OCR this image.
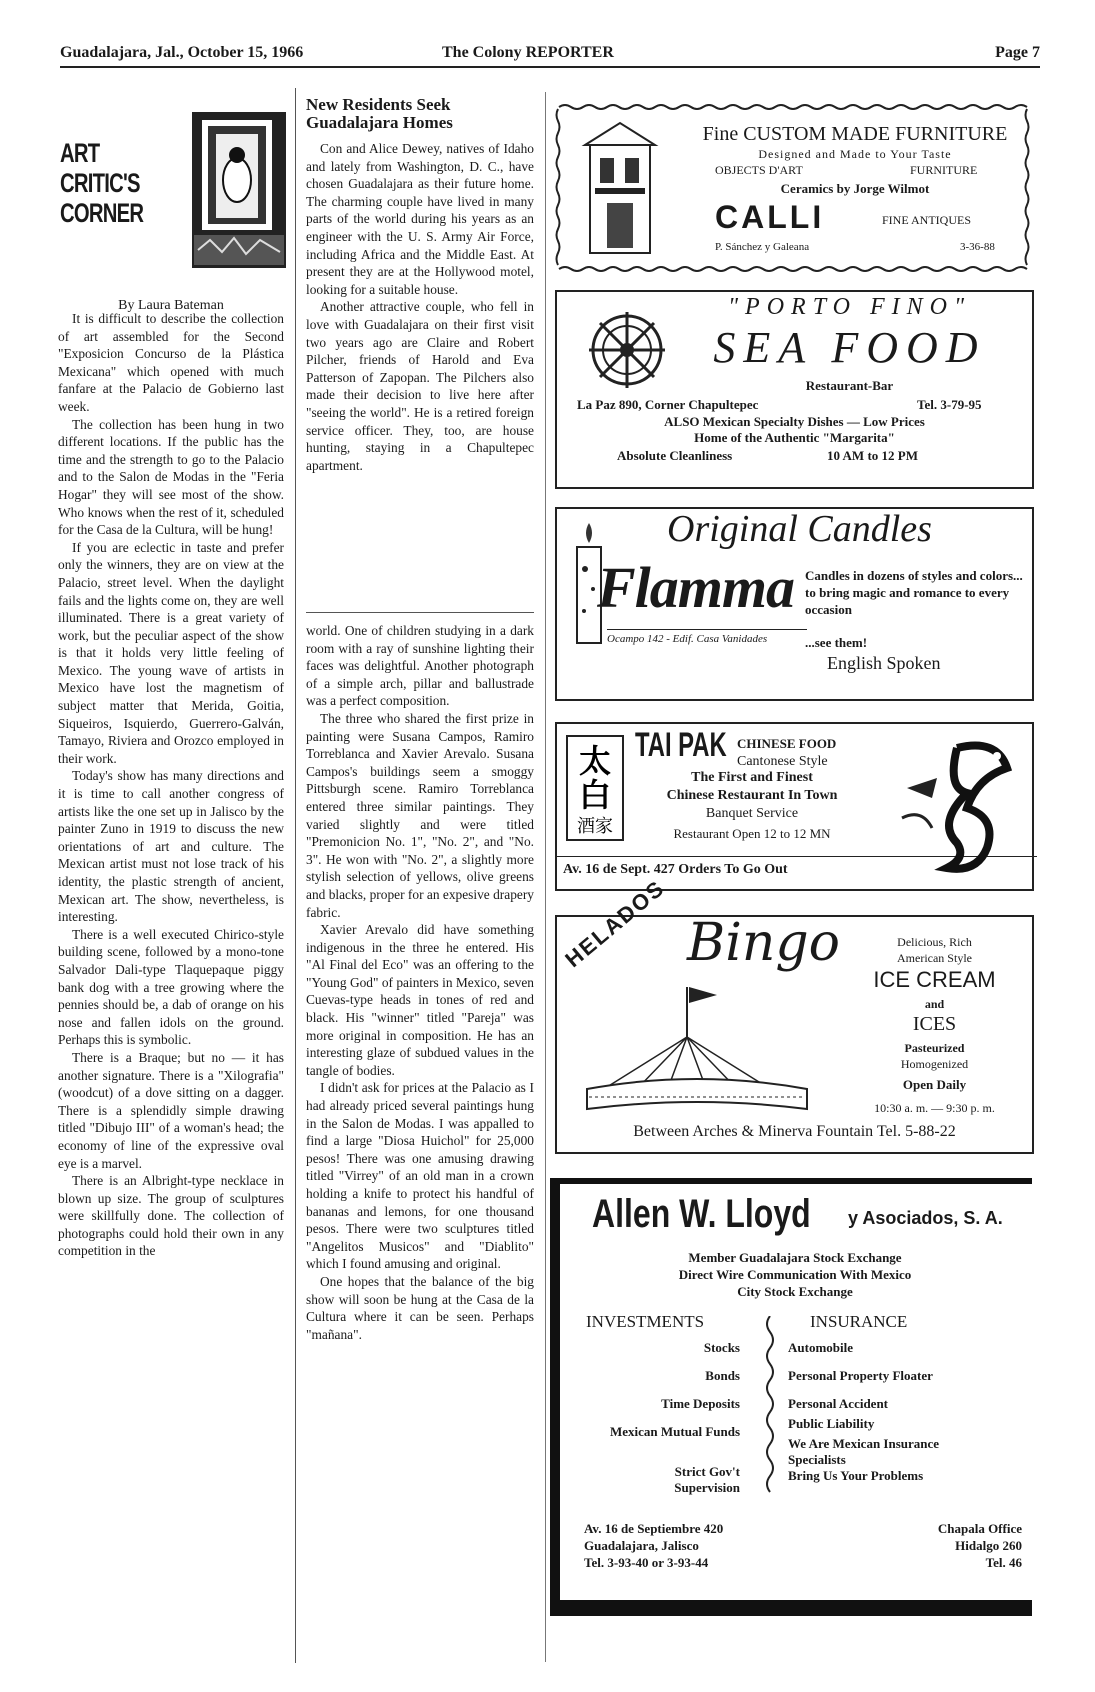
Guadalajara, Jal., October 15, 1966	The Colony REPORTER	Page 7
ART
CRITIC'S
CORNER
By Laura Bateman

It is difficult to describe the collection of art assembled for the Second "Exposicion Concurso de la Plástica Mexicana" which opened with much fanfare at the Palacio de Gobierno last week.

The collection has been hung in two different locations. If the public has the time and the strength to go to the Palacio and to the Salon de Modas in the "Feria Hogar" they will see most of the show. Who knows when the rest of it, scheduled for the Casa de la Cultura, will be hung!

If you are eclectic in taste and prefer only the winners, they are on view at the Palacio, street level. When the daylight fails and the lights come on, they are well illuminated. There is a great variety of work, but the peculiar aspect of the show is that it holds very little feeling of Mexico. The young wave of artists in Mexico have lost the magnetism of subject matter that Merida, Goitia, Siqueiros, Isquierdo, Guerrero-Galván, Tamayo, Riviera and Orozco employed in their work.

Today's show has many directions and it is time to call another congress of artists like the one set up in Jalisco by the painter Zuno in 1919 to discuss the new orientations of art and culture. The Mexican artist must not lose track of his identity, the plastic strength of ancient, Mexican art. The show, nevertheless, is interesting.

There is a well executed Chirico-style building scene, followed by a mono-tone Salvador Dali-type Tlaquepaque piggy bank dog with a tree growing where the pennies should be, a dab of orange on his nose and fallen idols on the ground. Perhaps this is symbolic.

There is a Braque; but no — it has another signature. There is a "Xilografia" (woodcut) of a dove sitting on a dagger. There is a splendidly simple drawing titled "Dibujo III" of a woman's head; the economy of line of the expressive oval eye is a marvel.

There is an Albright-type necklace in blown up size. The group of sculptures were skillfully done. The collection of photographs could hold their own in any competition in the

New Residents Seek Guadalajara Homes

Con and Alice Dewey, natives of Idaho and lately from Washington, D. C., have chosen Guadalajara as their future home. The charming couple have lived in many parts of the world during his years as an engineer with the U. S. Army Air Force, including Africa and the Middle East. At present they are at the Hollywood motel, looking for a suitable house.

Another attractive couple, who fell in love with Guadalajara on their first visit two years ago are Claire and Robert Pilcher, friends of Harold and Eva Patterson of Zapopan. The Pilchers also made their decision to live here after "seeing the world". He is a retired foreign service officer. They, too, are house hunting, staying in a Chapultepec apartment.

world. One of children studying in a dark room with a ray of sunshine lighting their faces was delightful. Another photograph of a simple arch, pillar and ballustrade was a perfect composition.

The three who shared the first prize in painting were Susana Campos, Ramiro Torreblanca and Xavier Arevalo. Susana Campos's buildings seem a smoggy Pittsburgh scene. Ramiro Torreblanca entered three similar paintings. They varied slightly and were titled "Premonicion No. 1", "No. 2", and "No. 3". He won with "No. 2", a slightly more stylish selection of yellows, olive greens and blacks, proper for an expesive drapery fabric.

Xavier Arevalo did have something indigenous in the three he entered. His "Al Final del Eco" was an offering to the "Young God" of painters in Mexico, seven Cuevas-type heads in tones of red and black. His "winner" titled "Pareja" was more original in composition. He has an interesting glaze of subdued values in the tangle of bodies.

I didn't ask for prices at the Palacio as I had already priced several paintings hung in the Salon de Modas. I was appalled to find a large "Diosa Huichol" for 25,000 pesos! There was one amusing drawing titled "Virrey" of an old man in a crown holding a knife to protect his handful of bananas and lemons, for one thousand pesos. There were two sculptures titled "Angelitos Musicos" and "Diablito" which I found amusing and original.

One hopes that the balance of the big show will soon be hung at the Casa de la Cultura where it can be seen. Perhaps "mañana".

Fine CUSTOM MADE FURNITURE
Designed and Made to Your Taste
OBJECTS D'ART	FURNITURE
Ceramics by Jorge Wilmot
CALLI	FINE ANTIQUES
P. Sánchez y Galeana	3-36-88
"PORTO FINO"
SEA FOOD
Restaurant-Bar
La Paz 890, Corner Chapultepec	Tel. 3-79-95
ALSO Mexican Specialty Dishes — Low Prices
Home of the Authentic "Margarita"
Absolute Cleanliness	10 AM to 12 PM
Original Candles
Flamma
Ocampo 142 - Edif. Casa Vanidades
Candles in dozens of styles and colors... to bring magic and romance to every occasion
...see them!
English Spoken
太
白
酒家
TAI PAK CHINESE FOOD
Cantonese Style
The First and Finest
Chinese Restaurant In Town
Banquet Service
Restaurant Open 12 to 12 MN
Av. 16 de Sept. 427 Orders To Go Out
HELADOS Bingo	Delicious, Rich
American Style
ICE CREAM
and
ICES
Pasteurized
Homogenized
Open Daily
10:30 a. m. — 9:30 p. m.
Between Arches & Minerva Fountain Tel. 5-88-22
Allen W. Lloyd y Asociados, S. A.
Member Guadalajara Stock Exchange
Direct Wire Communication With Mexico
City Stock Exchange
INVESTMENTS	INSURANCE
Stocks
Bonds
Time Deposits
Mexican Mutual Funds
Strict Gov't Supervision
Automobile
Personal Property Floater
Personal Accident
Public Liability
We Are Mexican Insurance Specialists
Bring Us Your Problems
Av. 16 de Septiembre 420
Guadalajara, Jalisco
Tel. 3-93-40 or 3-93-44
Chapala Office
Hidalgo 260
Tel. 46
